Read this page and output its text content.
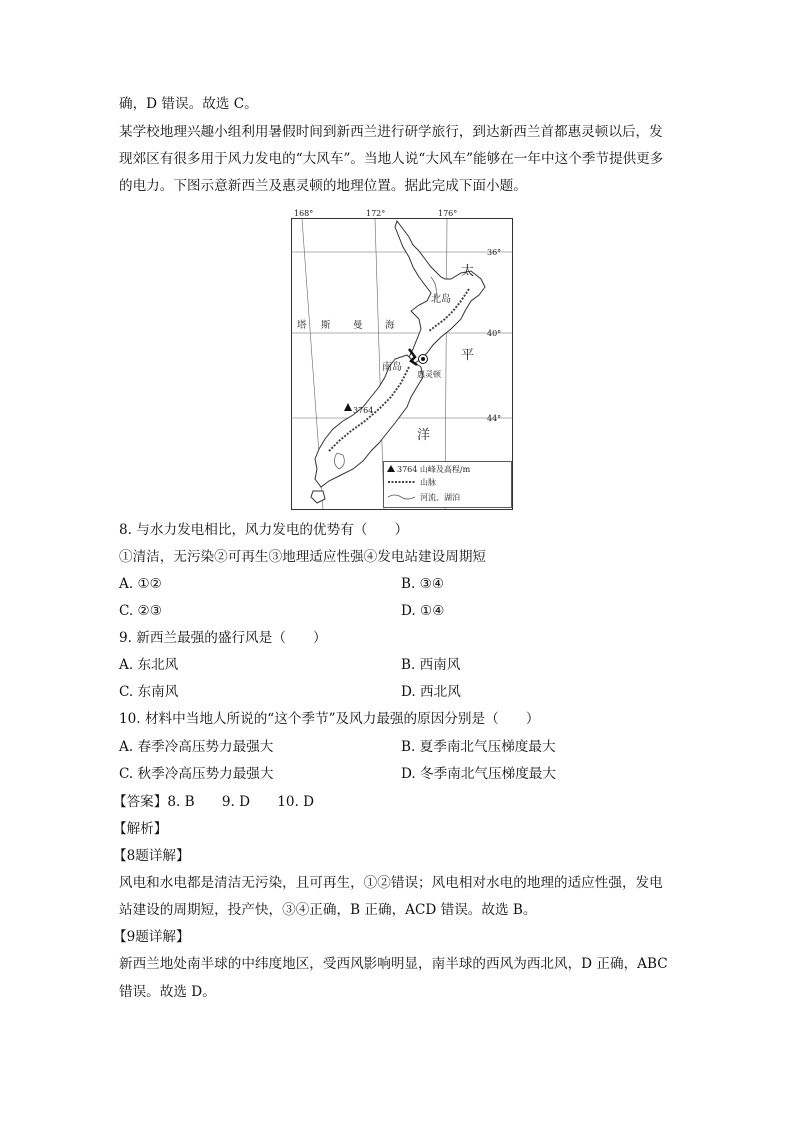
确，D 错误。故选 C。
某学校地理兴趣小组利用暑假时间到新西兰进行研学旅行，到达新西兰首都惠灵顿以后，发
现郊区有很多用于风力发电的“大风车”。当地人说“大风车”能够在一年中这个季节提供更多
的电力。下图示意新西兰及惠灵顿的地理位置。据此完成下面小题。
168°	172°	176°
36°
40°
44°
塔 斯 曼 海
太
平
洋
北岛
南岛
惠灵顿
3764
3764 山峰及高程/m
山脉
河流、湖泊
8. 与水力发电相比，风力发电的优势有（　　）
①清洁，无污染②可再生③地理适应性强④发电站建设周期短
A. ①②	B. ③④
C. ②③	D. ①④
9. 新西兰最强的盛行风是（　　）
A. 东北风	B. 西南风
C. 东南风	D. 西北风
10. 材料中当地人所说的“这个季节”及风力最强的原因分别是（　　）
A. 春季冷高压势力最强大	B. 夏季南北气压梯度最大
C. 秋季冷高压势力最强大	D. 冬季南北气压梯度最大
【答案】8. B　　9. D　　10. D
【解析】
【8题详解】
风电和水电都是清洁无污染，且可再生，①②错误；风电相对水电的地理的适应性强，发电
站建设的周期短，投产快，③④正确，B 正确，ACD 错误。故选 B。
【9题详解】
新西兰地处南半球的中纬度地区，受西风影响明显，南半球的西风为西北风，D 正确，ABC
错误。故选 D。
